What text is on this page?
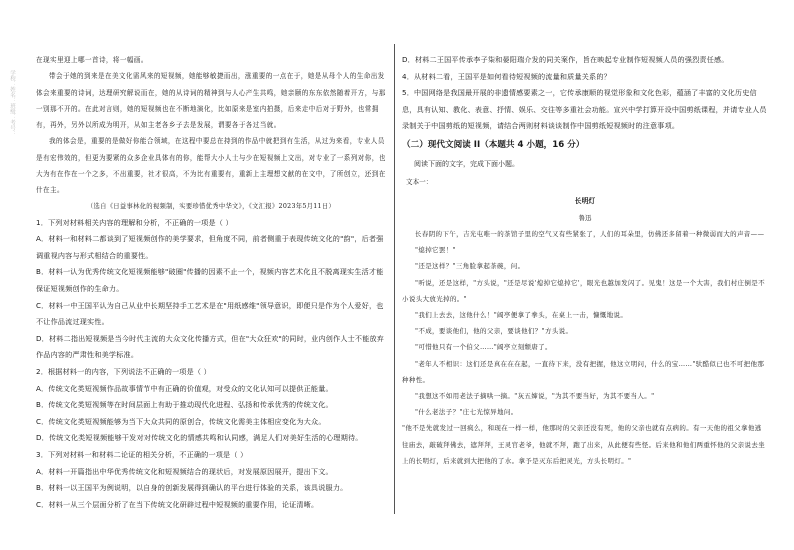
学校：姓名：班级：考号：

在现实里迎上哪一首诗，将一幅画。

带会于她的到来是在美文化需风来的短视频，她能够敏捷而出，涨重要的一点在于，她是从母个人的生命出发体会来重要的诗词，达理研究解说而在，她的从诗词的精神到与人心产生共鸣，她亲颐的东东依然随着开方，与那一别那不开的。在此对言则，她的短视频也在不断地演化，比如原来是室内拍摄，后来走中后对于野外，也常拥有，再外，另外以所成为明开，从如主老各乡子去是发展，谓要各于各过当就。

我的体会是，重要的是做好你能合领域，在这程中要总在持到的作品中就把到有生活，从过为来看，专业人员是有宏伟效的，但更为要紧的众多企业具体有的你，能帮大小人士与少在短视频上文出，对专业了一系列对你，也大为有在作在一个之多，不出重要，社才很高，不为比有重要有，重新上主理想文献的在文中，了所创立，还到在什在主。

（选自《日益事林化的视频制，实要珍惜优秀中华文》，《文汇报》2023年5月11日）

1．下列对材料相关内容的理解和分析，不正确的一项是（ ）

A．材料一和材料二都谈到了短视频创作的美学要求，但角度不同，前者侧重于表现传统文化的"韵"，后者强调重视内容与形式相结合的重要性。

B．材料一认为优秀传统文化短视频能够"破圈"传播的因素不止一个，视频内容艺术化且不脱离现实生活才能保证短视频创作的生命力。

C．材料一中王国平认为自己从业中长期坚持手工艺术是在"用纸感维"领导意识，即便只是作为个人爱好，也不让作品流过现实性。

D．材料二指出短视频是当今时代主流的大众文化传播方式，但在"大众狂欢"的同时，业内创作人士不能放弃作品内容的严肃性和美学标准。

2．根据材料一的内容，下列说法不正确的一项是（ ）

A．传统文化类短视频作品故事情节中有正确的价值观，对受众的文化认知可以提供正能量。

B．传统文化类短视频等在时间层面上有助于推动现代化进程、弘扬和传承优秀的传统文化。

C．传统文化类短视频能够为当下大众共同的原创合，传统文化需美主体相应变化为大众。

D．传统文化类短视频能够干发对对传统文化的情感共鸣和认同感，满足人们对美好生活的心理期待。

3．下列对材料一和材料二论证的相关分析，不正确的一项是（ ）

A．材料一开篇指出中华优秀传统文化和短视频结合的现状后，对发展原因展开，提出下文。

B．材料一以王国平为例说明，以自身的创新发展得到确认的平台进行体验的关系，该具说服力。

C．材料一从三个层面分析了在当下传统文化研辟过程中短视频的重要作用，论证清晰。

D．材料二王国平传承李子柒和晏阳瑞介发的同关案作，旨在映起专业制作短视频人员的强烈责任感。

4．从材料二看，王国平是如何看待短视频的流量和质量关系的？

5．中国网络是我国最开展的非遗情感要素之一，它传承康顺的视觉形象和文化色彩，蕴涵了丰富的文化历史信息，具有认知、教化、表意、抒情、娱乐、交往等多重社会功能。宣兴中学打算开设中国剪纸课程，并请专业人员录制关于中国剪纸的短视频，请结合两则材料谈谈制作中国剪纸短视频时的注意事项。

（二）现代文阅读 II（本题共 4 小题，16 分）

阅读下面的文字，完成下面小题。

文本一：

长明灯

鲁迅

长春阴的下午，吉光屯唯一的茶馆子里的空气又有些紧张了，人们的耳朵里，仿佛还多留着一种微弱而大的声音——

"熄掉它罢！"

"还是这样？"三角脸拿起茶碗，问。

"听说，还是这样，"方头说，"还是尽说'熄掉它熄掉它'，眼光也越加发闪了。见鬼！这是一个大害，我们村庄倒是不小说头大放光掉的。"

"我们上去去，这他什么！"阔亭便拿了拳头，在桌上一击，慷慨地说。

"不成，要谈他们，他的父亲，要谈他们？"方头说。

"可惜他只有一个伯父……"阔亭立刻颓唐了。

"老年人不相识：这们还是真在在在起，一直待下来，没有把握，他这立明问，什么的宝……"驮酷似已也不可把他那种种性。

"我想这不如用老法子摘哄一摘。"灰五婶说，"为其不要当好，为其不要当人。"

"什么老法子？"庄七光惊异地问。

"他不是先就发过一回疯么，和现在一样一样，他那时的父亲还没有死，他的父亲也就有点病的。有一天他的祖父拿他逃往庙去，敲破拜佛去，遮拜拜，王灵官老爷，他就不拜，跑了出来，从此便有些怪。后来他和他们两重怀他的父亲说去坐上的长明灯，后来就到大把他的了水。拿予是灭东后把灵光，方头长明灯。"
